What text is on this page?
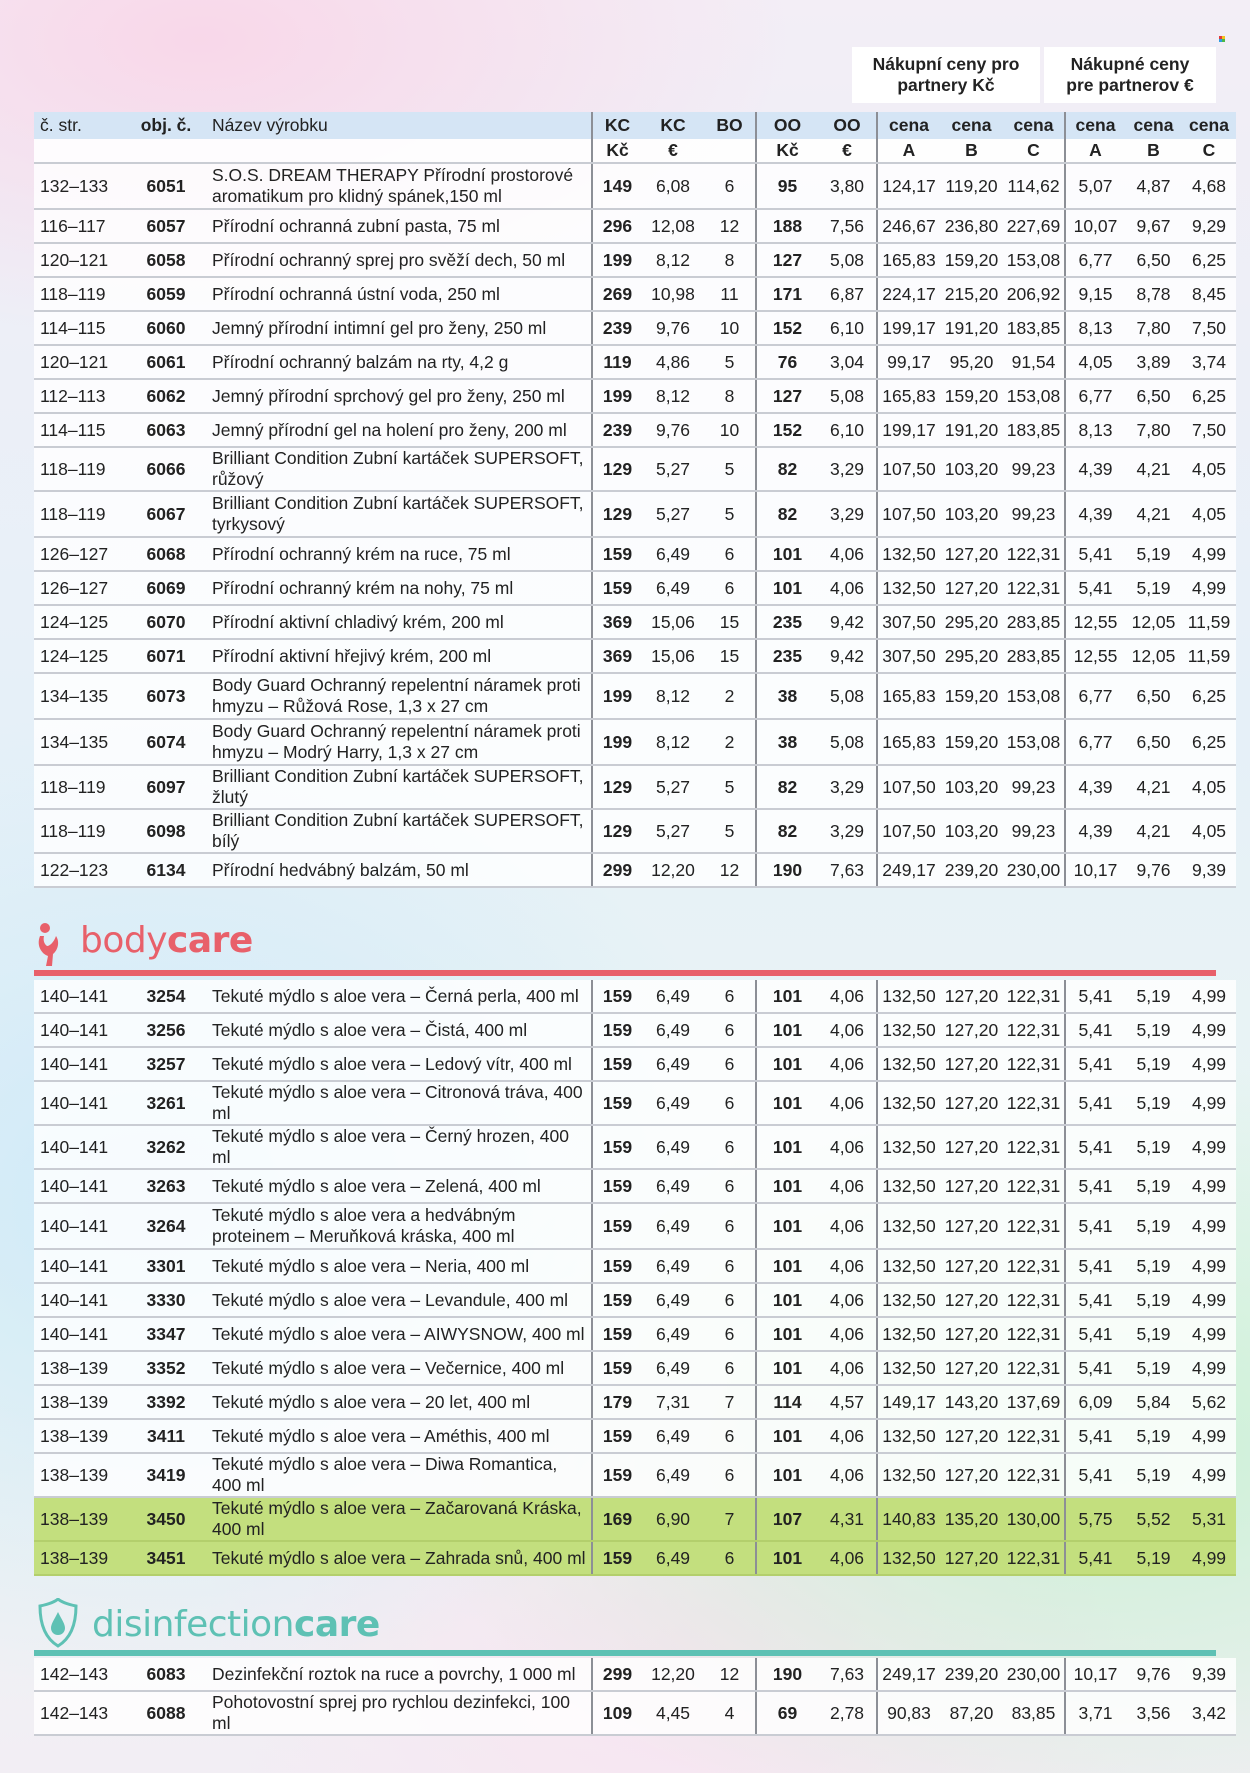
Nákupní ceny pro partnery Kč
Nákupné ceny pre partnerov €
č. str.	obj. č.	Název výrobku	KC	KC	BO	OO	OO	cena	cena	cena	cena	cena	cena
			Kč	€		Kč	€	A	B	C	A	B	C
132–133	6051	S.O.S. DREAM THERAPY Přírodní prostorové aromatikum pro klidný spánek,150 ml	149	6,08	6	95	3,80	124,17	119,20	114,62	5,07	4,87	4,68
116–117	6057	Přírodní ochranná zubní pasta, 75 ml	296	12,08	12	188	7,56	246,67	236,80	227,69	10,07	9,67	9,29
120–121	6058	Přírodní ochranný sprej pro svěží dech, 50 ml	199	8,12	8	127	5,08	165,83	159,20	153,08	6,77	6,50	6,25
118–119	6059	Přírodní ochranná ústní voda, 250 ml	269	10,98	11	171	6,87	224,17	215,20	206,92	9,15	8,78	8,45
114–115	6060	Jemný přírodní intimní gel pro ženy, 250 ml	239	9,76	10	152	6,10	199,17	191,20	183,85	8,13	7,80	7,50
120–121	6061	Přírodní ochranný balzám na rty, 4,2 g	119	4,86	5	76	3,04	99,17	95,20	91,54	4,05	3,89	3,74
112–113	6062	Jemný přírodní sprchový gel pro ženy, 250 ml	199	8,12	8	127	5,08	165,83	159,20	153,08	6,77	6,50	6,25
114–115	6063	Jemný přírodní gel na holení pro ženy, 200 ml	239	9,76	10	152	6,10	199,17	191,20	183,85	8,13	7,80	7,50
118–119	6066	Brilliant Condition Zubní kartáček SUPERSOFT, růžový	129	5,27	5	82	3,29	107,50	103,20	99,23	4,39	4,21	4,05
118–119	6067	Brilliant Condition Zubní kartáček SUPERSOFT, tyrkysový	129	5,27	5	82	3,29	107,50	103,20	99,23	4,39	4,21	4,05
126–127	6068	Přírodní ochranný krém na ruce, 75 ml	159	6,49	6	101	4,06	132,50	127,20	122,31	5,41	5,19	4,99
126–127	6069	Přírodní ochranný krém na nohy, 75 ml	159	6,49	6	101	4,06	132,50	127,20	122,31	5,41	5,19	4,99
124–125	6070	Přírodní aktivní chladivý krém, 200 ml	369	15,06	15	235	9,42	307,50	295,20	283,85	12,55	12,05	11,59
124–125	6071	Přírodní aktivní hřejivý krém, 200 ml	369	15,06	15	235	9,42	307,50	295,20	283,85	12,55	12,05	11,59
134–135	6073	Body Guard Ochranný repelentní náramek proti hmyzu – Růžová Rose, 1,3 x 27 cm	199	8,12	2	38	5,08	165,83	159,20	153,08	6,77	6,50	6,25
134–135	6074	Body Guard Ochranný repelentní náramek proti hmyzu – Modrý Harry, 1,3 x 27 cm	199	8,12	2	38	5,08	165,83	159,20	153,08	6,77	6,50	6,25
118–119	6097	Brilliant Condition Zubní kartáček SUPERSOFT, žlutý	129	5,27	5	82	3,29	107,50	103,20	99,23	4,39	4,21	4,05
118–119	6098	Brilliant Condition Zubní kartáček SUPERSOFT, bílý	129	5,27	5	82	3,29	107,50	103,20	99,23	4,39	4,21	4,05
122–123	6134	Přírodní hedvábný balzám, 50 ml	299	12,20	12	190	7,63	249,17	239,20	230,00	10,17	9,76	9,39
bodycare
140–141	3254	Tekuté mýdlo s aloe vera – Černá perla, 400 ml	159	6,49	6	101	4,06	132,50	127,20	122,31	5,41	5,19	4,99
140–141	3256	Tekuté mýdlo s aloe vera – Čistá, 400 ml	159	6,49	6	101	4,06	132,50	127,20	122,31	5,41	5,19	4,99
140–141	3257	Tekuté mýdlo s aloe vera – Ledový vítr, 400 ml	159	6,49	6	101	4,06	132,50	127,20	122,31	5,41	5,19	4,99
140–141	3261	Tekuté mýdlo s aloe vera – Citronová tráva, 400 ml	159	6,49	6	101	4,06	132,50	127,20	122,31	5,41	5,19	4,99
140–141	3262	Tekuté mýdlo s aloe vera – Černý hrozen, 400 ml	159	6,49	6	101	4,06	132,50	127,20	122,31	5,41	5,19	4,99
140–141	3263	Tekuté mýdlo s aloe vera – Zelená, 400 ml	159	6,49	6	101	4,06	132,50	127,20	122,31	5,41	5,19	4,99
140–141	3264	Tekuté mýdlo s aloe vera a hedvábným proteinem – Meruňková kráska, 400 ml	159	6,49	6	101	4,06	132,50	127,20	122,31	5,41	5,19	4,99
140–141	3301	Tekuté mýdlo s aloe vera – Neria, 400 ml	159	6,49	6	101	4,06	132,50	127,20	122,31	5,41	5,19	4,99
140–141	3330	Tekuté mýdlo s aloe vera – Levandule, 400 ml	159	6,49	6	101	4,06	132,50	127,20	122,31	5,41	5,19	4,99
140–141	3347	Tekuté mýdlo s aloe vera – AIWYSNOW, 400 ml	159	6,49	6	101	4,06	132,50	127,20	122,31	5,41	5,19	4,99
138–139	3352	Tekuté mýdlo s aloe vera – Večernice, 400 ml	159	6,49	6	101	4,06	132,50	127,20	122,31	5,41	5,19	4,99
138–139	3392	Tekuté mýdlo s aloe vera – 20 let, 400 ml	179	7,31	7	114	4,57	149,17	143,20	137,69	6,09	5,84	5,62
138–139	3411	Tekuté mýdlo s aloe vera – Améthis, 400 ml	159	6,49	6	101	4,06	132,50	127,20	122,31	5,41	5,19	4,99
138–139	3419	Tekuté mýdlo s aloe vera – Diwa Romantica, 400 ml	159	6,49	6	101	4,06	132,50	127,20	122,31	5,41	5,19	4,99
138–139	3450	Tekuté mýdlo s aloe vera – Začarovaná Kráska, 400 ml	169	6,90	7	107	4,31	140,83	135,20	130,00	5,75	5,52	5,31
138–139	3451	Tekuté mýdlo s aloe vera – Zahrada snů, 400 ml	159	6,49	6	101	4,06	132,50	127,20	122,31	5,41	5,19	4,99
disinfectioncare
142–143	6083	Dezinfekční roztok na ruce a povrchy, 1 000 ml	299	12,20	12	190	7,63	249,17	239,20	230,00	10,17	9,76	9,39
142–143	6088	Pohotovostní sprej pro rychlou dezinfekci, 100 ml	109	4,45	4	69	2,78	90,83	87,20	83,85	3,71	3,56	3,42
